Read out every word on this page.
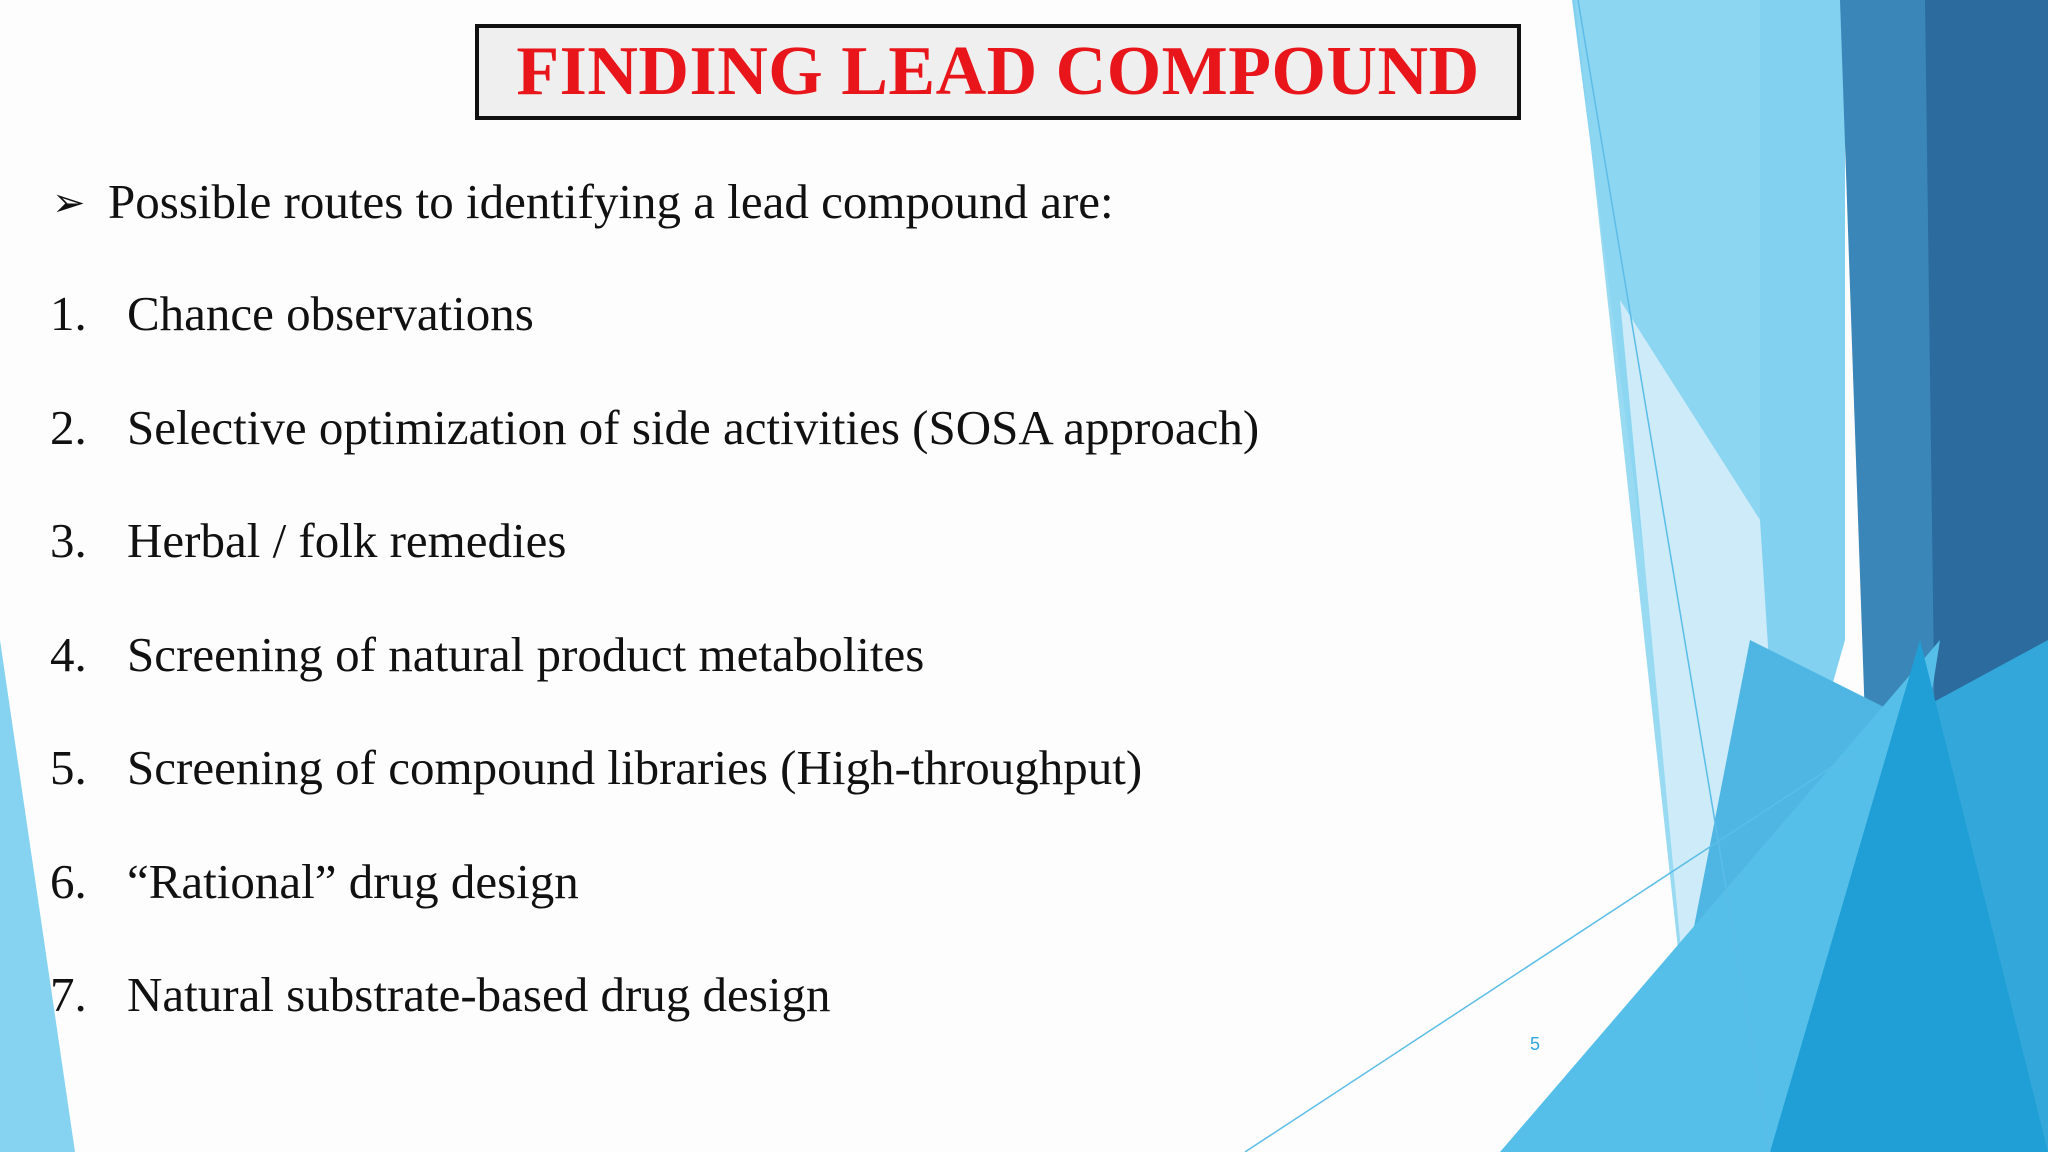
FINDING LEAD COMPOUND
➢ Possible routes to identifying a lead compound are:
1. Chance observations
2. Selective optimization of side activities (SOSA approach)
3. Herbal / folk remedies
4. Screening of natural product metabolites
5. Screening of compound libraries (High-throughput)
6. “Rational” drug design
7. Natural substrate-based drug design
5
